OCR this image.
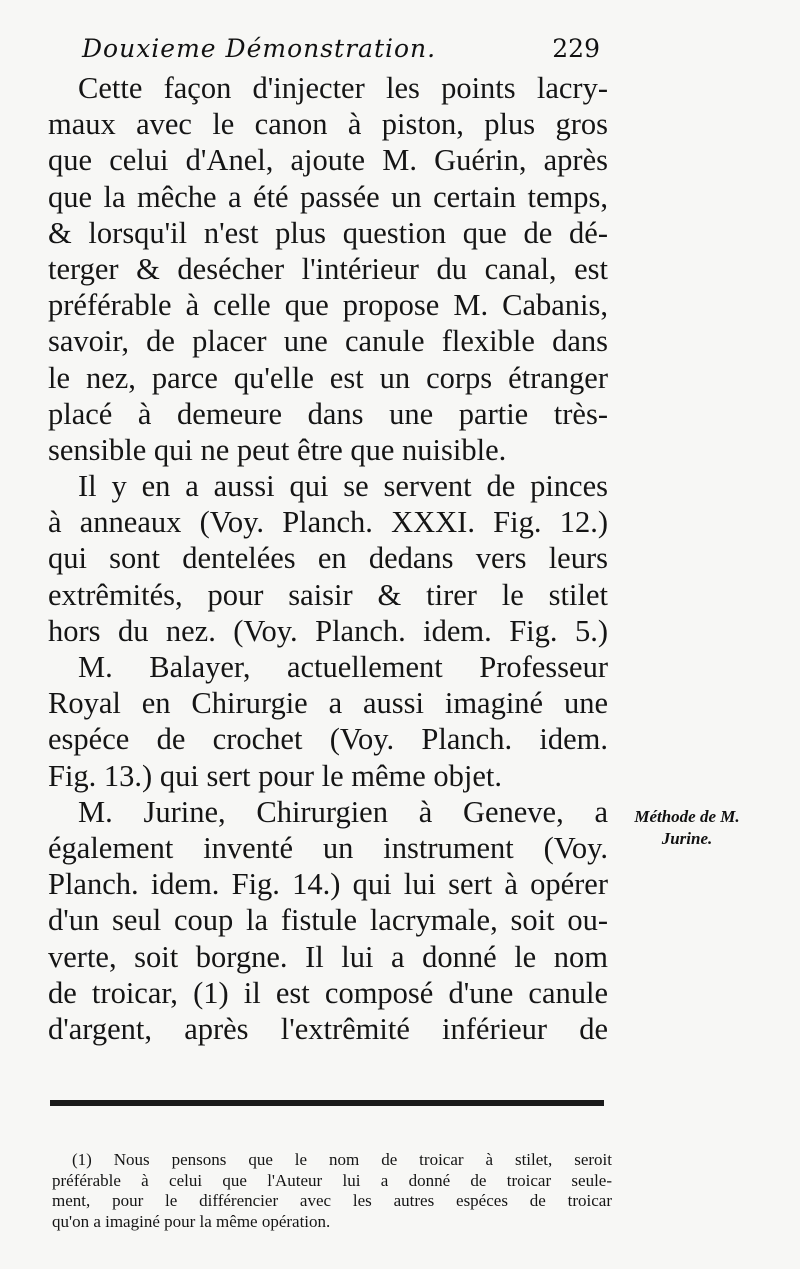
Douxieme Démonstration.	229
Cette façon d'injecter les points lacry-
maux avec le canon à piston, plus gros
que celui d'Anel, ajoute M. Guérin, après
que la mêche a été passée un certain temps,
& lorsqu'il n'est plus question que de dé-
terger & desécher l'intérieur du canal, est
préférable à celle que propose M. Cabanis,
savoir, de placer une canule flexible dans
le nez, parce qu'elle est un corps étranger
placé à demeure dans une partie très-
sensible qui ne peut être que nuisible.
Il y en a aussi qui se servent de pinces
à anneaux (Voy. Planch. XXXI. Fig. 12.)
qui sont dentelées en dedans vers leurs
extrêmités, pour saisir & tirer le stilet
hors du nez. (Voy. Planch. idem. Fig. 5.)
M. Balayer, actuellement Professeur
Royal en Chirurgie a aussi imaginé une
espéce de crochet (Voy. Planch. idem.
Fig. 13.) qui sert pour le même objet.
M. Jurine, Chirurgien à Geneve, a
également inventé un instrument (Voy.
Planch. idem. Fig. 14.) qui lui sert à opérer
d'un seul coup la fistule lacrymale, soit ou-
verte, soit borgne. Il lui a donné le nom
de troicar, (1) il est composé d'une canule
d'argent, après l'extrêmité inférieur de
Méthode de M.
Jurine.
(1) Nous pensons que le nom de troicar à stilet, seroit
préférable à celui que l'Auteur lui a donné de troicar seule-
ment, pour le différencier avec les autres espéces de troicar
qu'on a imaginé pour la même opération.
